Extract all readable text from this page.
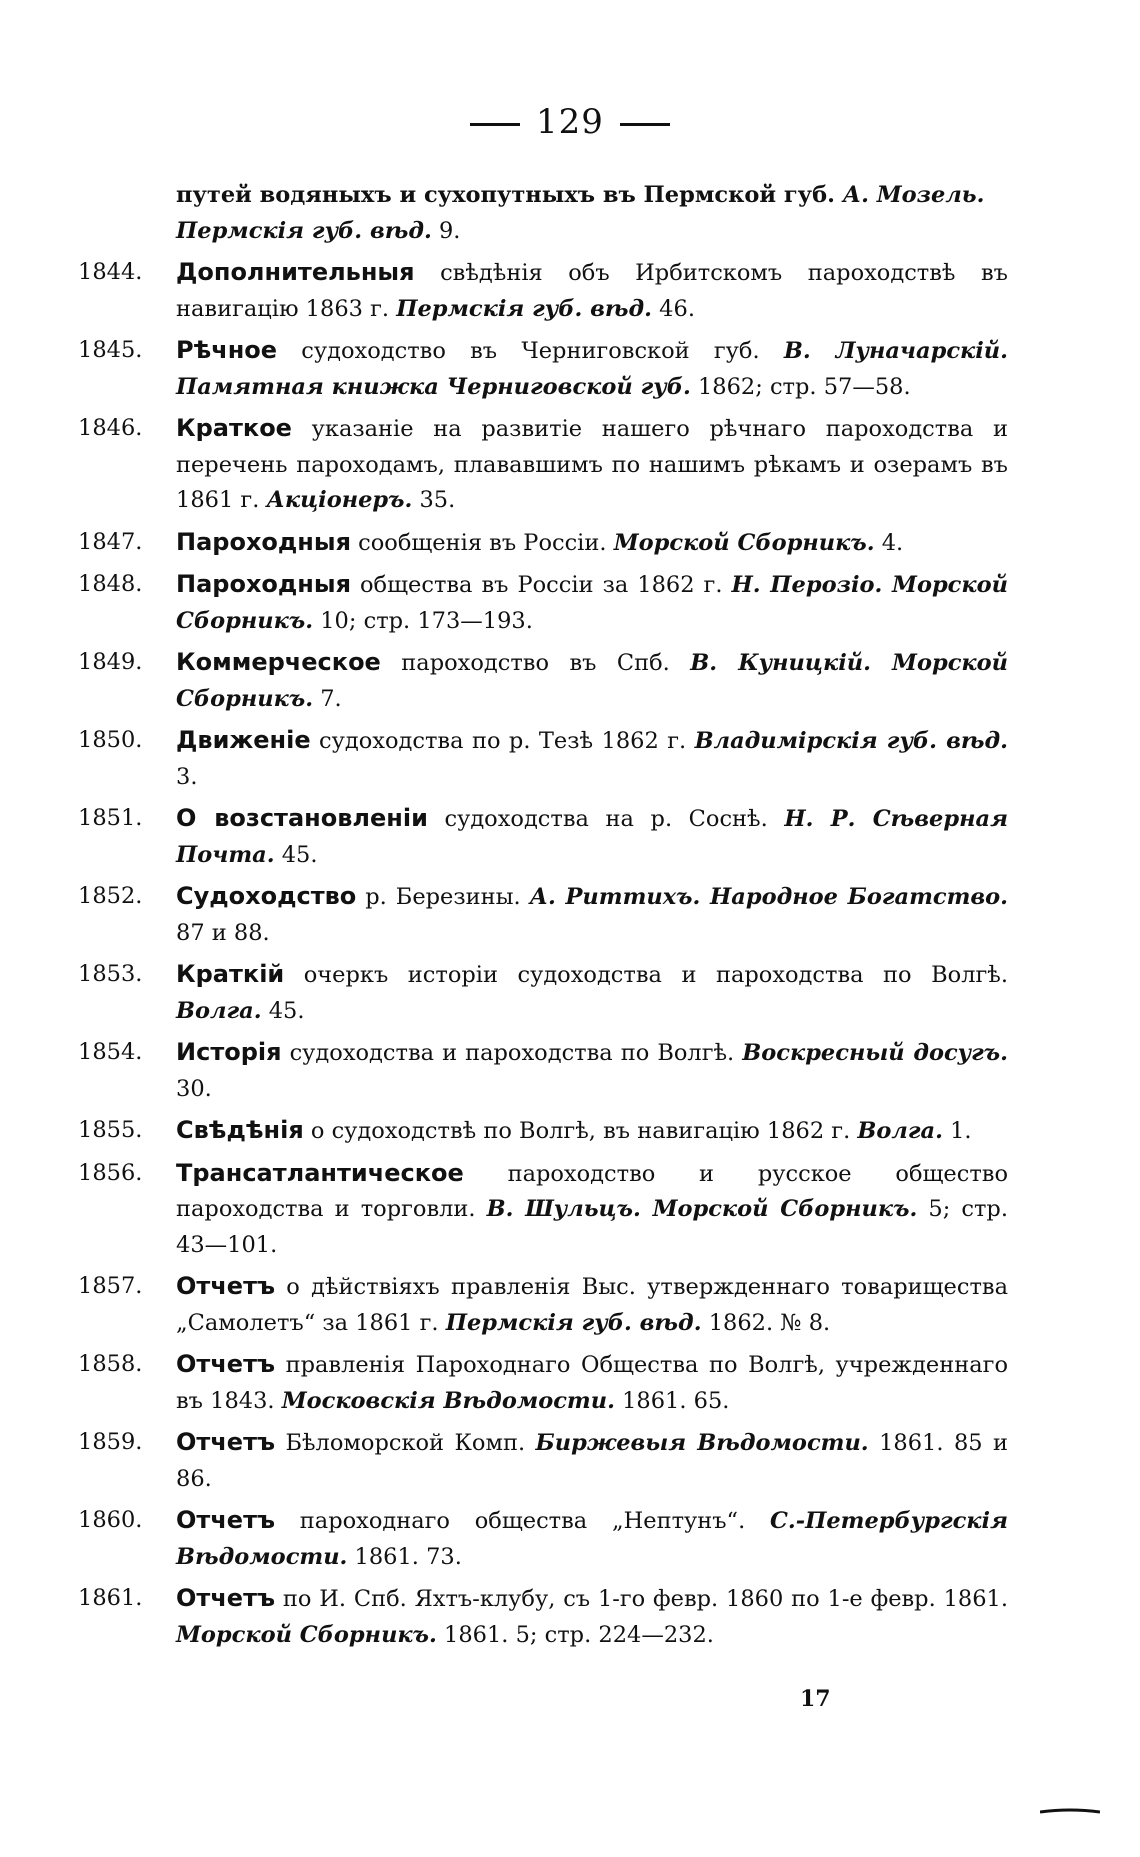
129
путей водяныхъ и сухопутныхъ въ Пермской губ. А. Мозель. Пермскія губ. вѣд. 9.
1844.	Дополнительныя свѣдѣнія объ Ирбитскомъ пароходствѣ въ навигацію 1863 г. Пермскія губ. вѣд. 46.
1845.	Рѣчное судоходство въ Черниговской губ. В. Луначарскій. Памятная книжка Черниговской губ. 1862; стр. 57—58.
1846.	Краткое указаніе на развитіе нашего рѣчнаго пароходства и перечень пароходамъ, плававшимъ по нашимъ рѣкамъ и озерамъ въ 1861 г. Акціонеръ. 35.
1847.	Пароходныя сообщенія въ Россіи. Морской Сборникъ. 4.
1848.	Пароходныя общества въ Россіи за 1862 г. Н. Перозіо. Морской Сборникъ. 10; стр. 173—193.
1849.	Коммерческое пароходство въ Спб. В. Куницкій. Морской Сборникъ. 7.
1850.	Движеніе судоходства по р. Тезѣ 1862 г. Владимірскія губ. вѣд. 3.
1851.	О возстановленіи судоходства на р. Соснѣ. Н. Р. Сѣверная Почта. 45.
1852.	Судоходство р. Березины. А. Риттихъ. Народное Богатство. 87 и 88.
1853.	Краткій очеркъ исторіи судоходства и пароходства по Волгѣ. Волга. 45.
1854.	Исторія судоходства и пароходства по Волгѣ. Воскресный досугъ. 30.
1855.	Свѣдѣнія о судоходствѣ по Волгѣ, въ навигацію 1862 г. Волга. 1.
1856.	Трансатлантическое пароходство и русское общество пароходства и торговли. В. Шульцъ. Морской Сборникъ. 5; стр. 43—101.
1857.	Отчетъ о дѣйствіяхъ правленія Выс. утвержденнаго товарищества „Самолетъ“ за 1861 г. Пермскія губ. вѣд. 1862. № 8.
1858.	Отчетъ правленія Пароходнаго Общества по Волгѣ, учрежденнаго въ 1843. Московскія Вѣдомости. 1861. 65.
1859.	Отчетъ Бѣломорской Комп. Биржевыя Вѣдомости. 1861. 85 и 86.
1860.	Отчетъ пароходнаго общества „Нептунъ“. С.-Петербургскія Вѣдомости. 1861. 73.
1861.	Отчетъ по И. Спб. Яхтъ-клубу, съ 1-го февр. 1860 по 1-е февр. 1861. Морской Сборникъ. 1861. 5; стр. 224—232.
17
